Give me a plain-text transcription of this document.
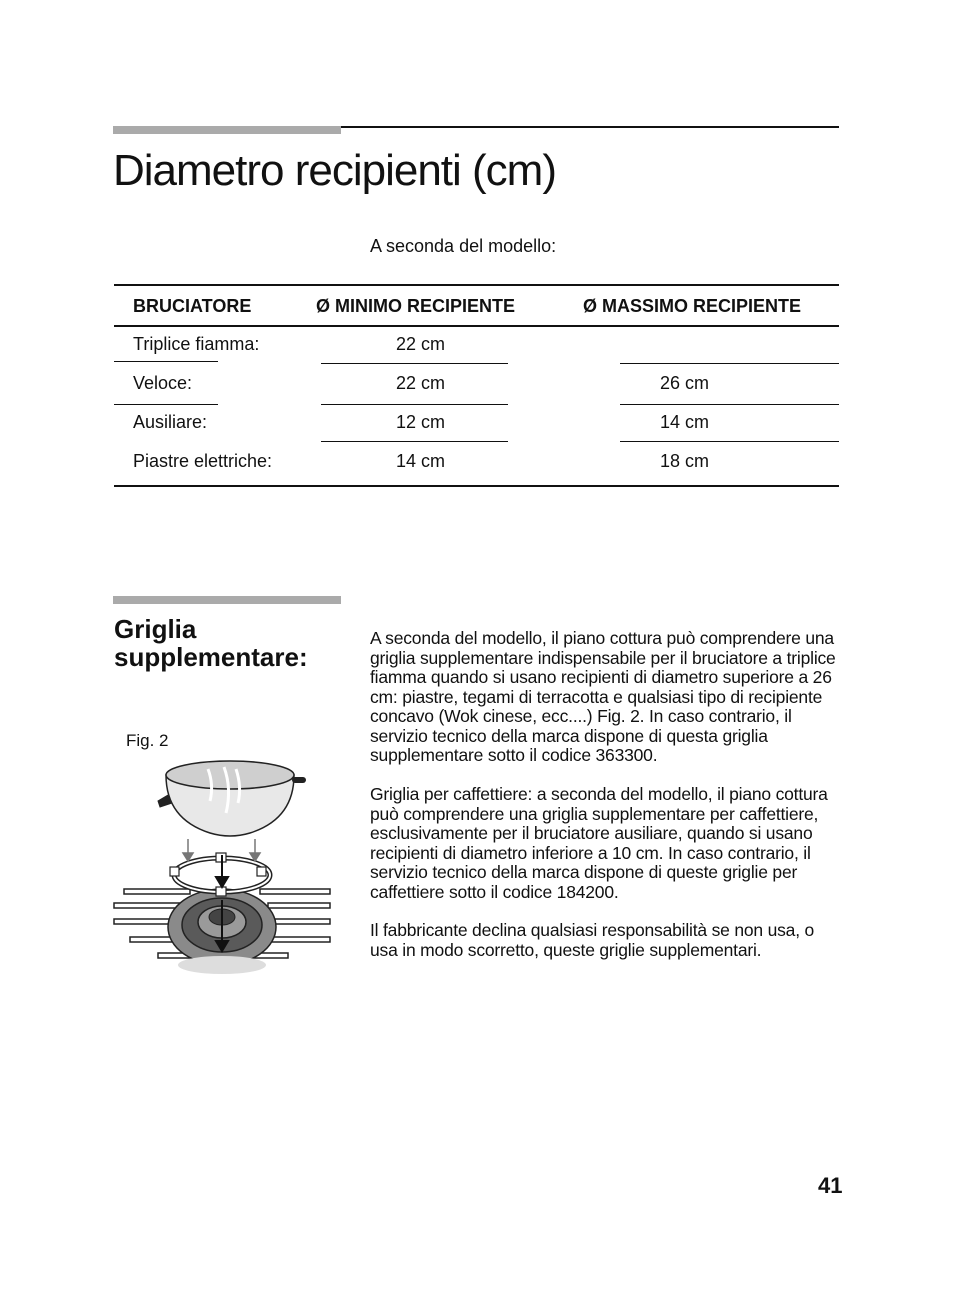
Diametro recipienti (cm)
A seconda del modello:
BRUCIATORE	Ø MINIMO RECIPIENTE	Ø MASSIMO RECIPIENTE
Triplice fiamma:	22 cm
Veloce:	22 cm	26 cm
Ausiliare:	12 cm	14 cm
Piastre elettriche:	14 cm	18 cm
Griglia supplementare:
Fig. 2
A seconda del modello, il piano cottura può comprendere una griglia supplementare indispensabile per il bruciatore a triplice fiamma quando si usano recipienti di diametro superiore a 26 cm: piastre, tegami di terracotta e qualsiasi tipo di recipiente concavo (Wok cinese, ecc....) Fig. 2. In caso contrario, il servizio tecnico della marca dispone di questa griglia supplementare sotto il codice 363300.
Griglia per caffettiere: a seconda del modello, il piano cottura può comprendere una griglia supplementare per caffettiere, esclusivamente per il bruciatore ausiliare, quando si usano recipienti di diametro inferiore a 10 cm. In caso contrario, il servizio tecnico della marca dispone di queste griglie per caffettiere sotto il codice 184200.
Il fabbricante declina qualsiasi responsabilità se non usa, o usa in modo scorretto, queste griglie supplementari.
41
